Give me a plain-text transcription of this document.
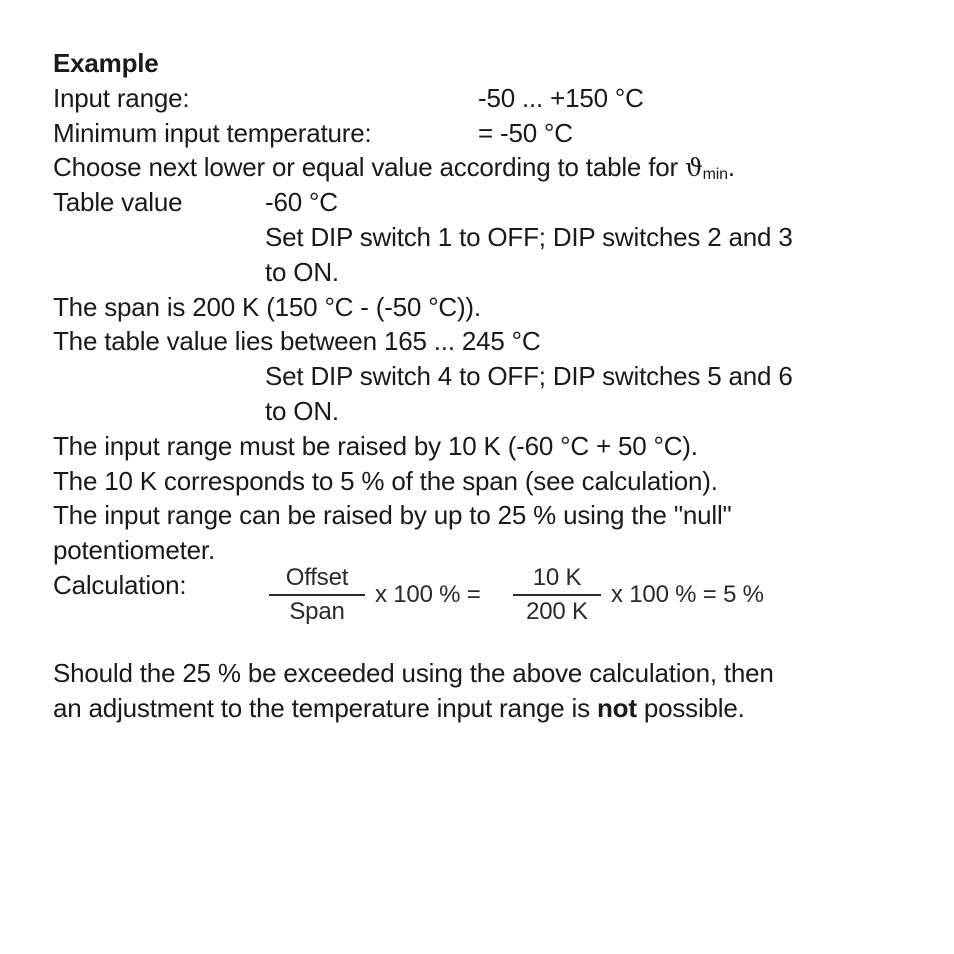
Example
Input range:	-50 ... +150 °C
Minimum input temperature:	= -50 °C
Choose next lower or equal value according to table for ϑmin.
Table value	-60 °C
Set DIP switch 1 to OFF; DIP switches 2 and 3
to ON.
The span is 200 K (150 °C - (-50 °C)).
The table value lies between 165 ... 245 °C
Set DIP switch 4 to OFF; DIP switches 5 and 6
to ON.
The input range must be raised by 10 K (-60 °C + 50 °C).
The 10 K corresponds to 5 % of the span (see calculation).
The input range can be raised by up to 25 % using the "null"
potentiometer.
Calculation:	Offset
Span
x 100 % =
10 K
200 K
x 100 % = 5 %
Should the 25 % be exceeded using the above calculation, then
an adjustment to the temperature input range is not possible.
